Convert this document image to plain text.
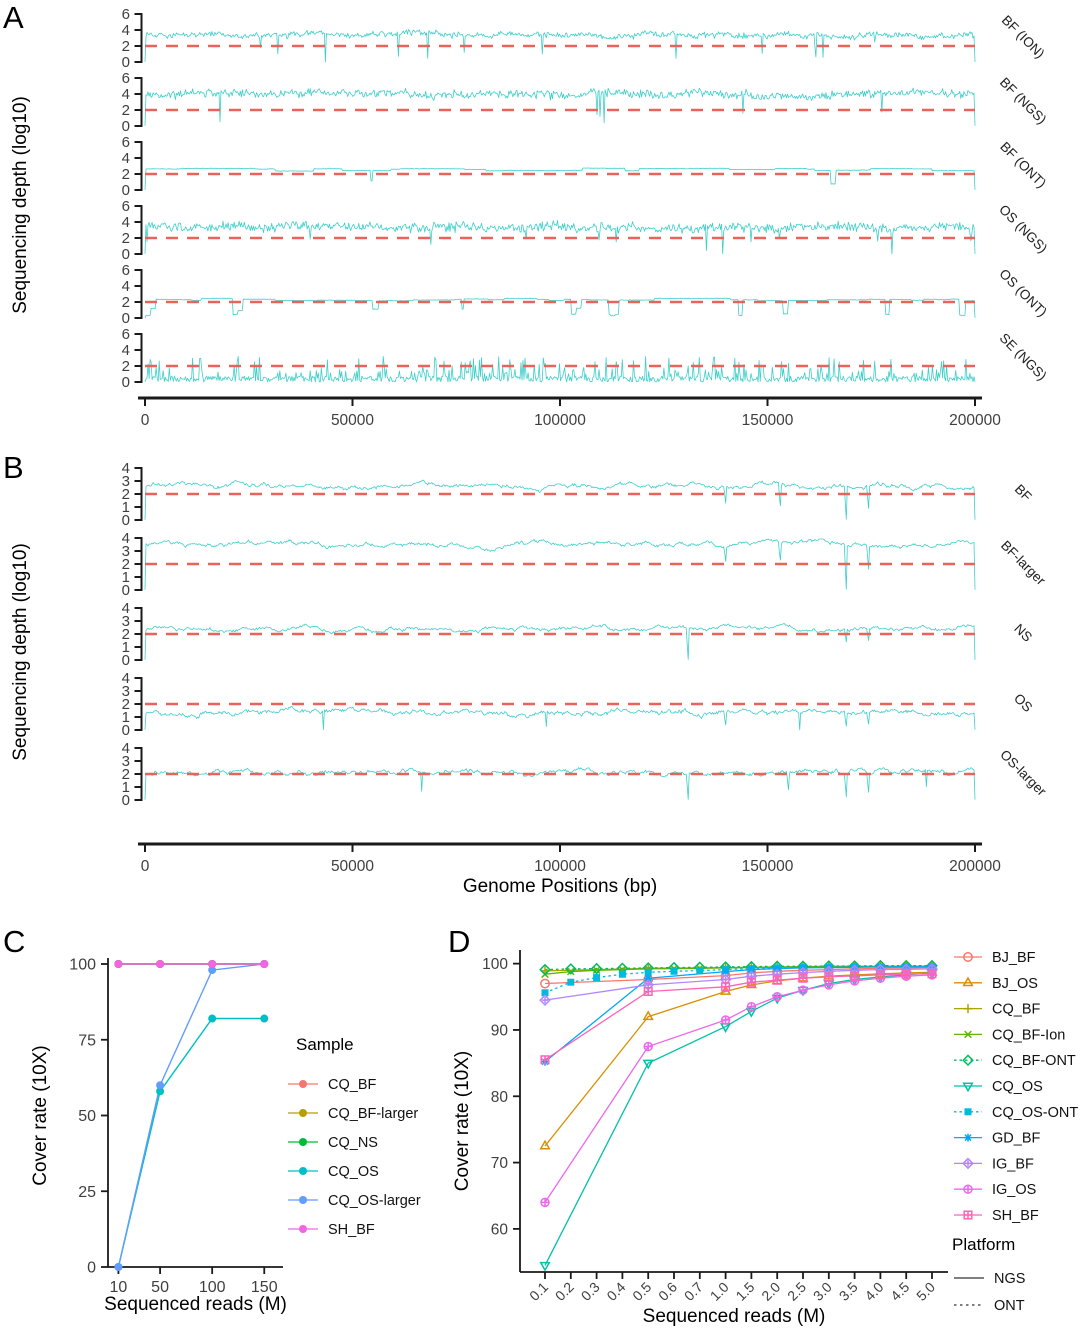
A
B
C	D
Sequencing depth (log10)
0
2
4
6	BF (ION)
0
2
4
6	BF (NGS)
0
2
4
6	BF (ONT)
0
2
4
6	OS (NGS)
0
2
4
6	OS (ONT)
0
2
4
6	SE (NGS)
0	50000	100000	150000	200000
Sequencing depth (log10)
0
1
2
3
4
BF
0
1
2
3
4	BF-larger
0
1
2
3
4
NS
0
1
2
3
4
OS
0
1
2
3
4	OS-larger
0	50000	100000	150000	200000
Genome Positions (bp)
0
25
50
75
100
10 50 100 150
Cover rate (10X)
Sequenced reads (M)
Sample
CQ_BF
CQ_BF-larger
CQ_NS
CQ_OS
CQ_OS-larger
SH_BF	60
70
80
90
100
0.1 0.2 0.3 0.4 0.5 0.6 0.7 1.0 1.5 2.0 2.5 3.0 3.5 4.0 4.5 5.0
Cover rate (10X)
Sequenced reads (M)
BJ_BF
BJ_OS
CQ_BF
CQ_BF-Ion
CQ_BF-ONT
CQ_OS
CQ_OS-ONT
GD_BF
IG_BF
IG_OS
SH_BF
Platform
NGS
ONT
